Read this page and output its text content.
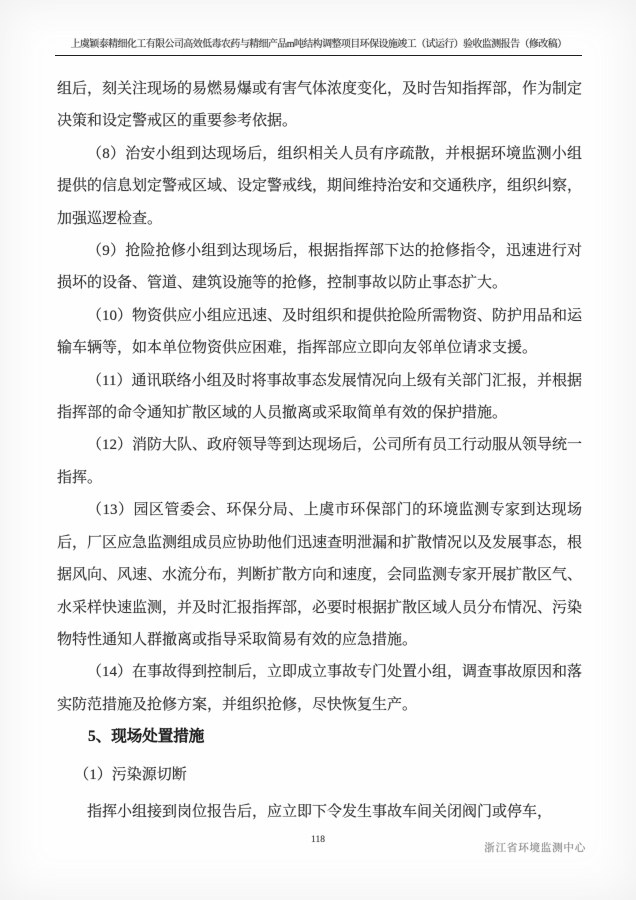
上虞颖泰精细化工有限公司高效低毒农药与精细产品m吨结构调整项目环保设施竣工（试运行）验收监测报告（修改稿）

组后，刻关注现场的易燃易爆或有害气体浓度变化，及时告知指挥部，作为制定决策和设定警戒区的重要参考依据。

（8）治安小组到达现场后，组织相关人员有序疏散，并根据环境监测小组提供的信息划定警戒区域、设定警戒线，期间维持治安和交通秩序，组织纠察，加强巡逻检查。

（9）抢险抢修小组到达现场后，根据指挥部下达的抢修指令，迅速进行对损坏的设备、管道、建筑设施等的抢修，控制事故以防止事态扩大。

（10）物资供应小组应迅速、及时组织和提供抢险所需物资、防护用品和运输车辆等，如本单位物资供应困难，指挥部应立即向友邻单位请求支援。

（11）通讯联络小组及时将事故事态发展情况向上级有关部门汇报，并根据指挥部的命令通知扩散区域的人员撤离或采取简单有效的保护措施。

（12）消防大队、政府领导等到达现场后，公司所有员工行动服从领导统一指挥。

（13）园区管委会、环保分局、上虞市环保部门的环境监测专家到达现场后，厂区应急监测组成员应协助他们迅速查明泄漏和扩散情况以及发展事态，根据风向、风速、水流分布，判断扩散方向和速度，会同监测专家开展扩散区气、水采样快速监测，并及时汇报指挥部，必要时根据扩散区域人员分布情况、污染物特性通知人群撤离或指导采取简易有效的应急措施。

（14）在事故得到控制后，立即成立事故专门处置小组，调查事故原因和落实防范措施及抢修方案，并组织抢修，尽快恢复生产。

5、现场处置措施

（1）污染源切断

指挥小组接到岗位报告后，应立即下令发生事故车间关闭阀门或停车，

118
浙江省环境监测中心
